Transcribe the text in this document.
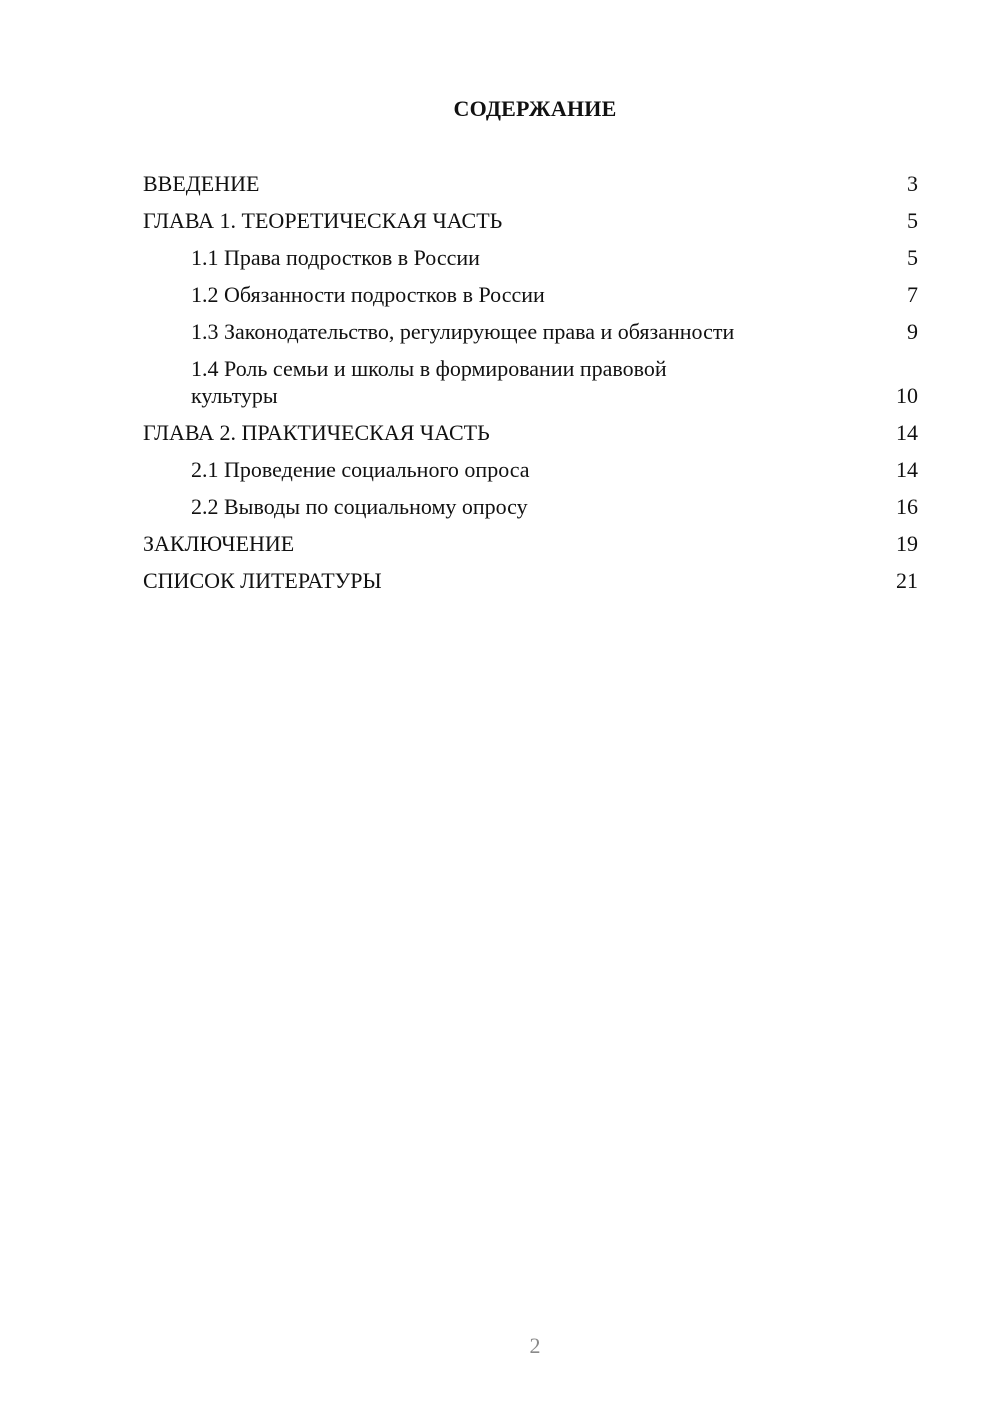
СОДЕРЖАНИЕ
ВВЕДЕНИЕ	3
ГЛАВА 1. ТЕОРЕТИЧЕСКАЯ ЧАСТЬ	5
1.1 Права подростков в России	5
1.2 Обязанности подростков в России	7
1.3 Законодательство, регулирующее права и обязанности	9
1.4 Роль семьи и школы в формировании правовой культуры	10
ГЛАВА 2. ПРАКТИЧЕСКАЯ ЧАСТЬ	14
2.1 Проведение социального опроса	14
2.2 Выводы по социальному опросу	16
ЗАКЛЮЧЕНИЕ	19
СПИСОК ЛИТЕРАТУРЫ	21
2
